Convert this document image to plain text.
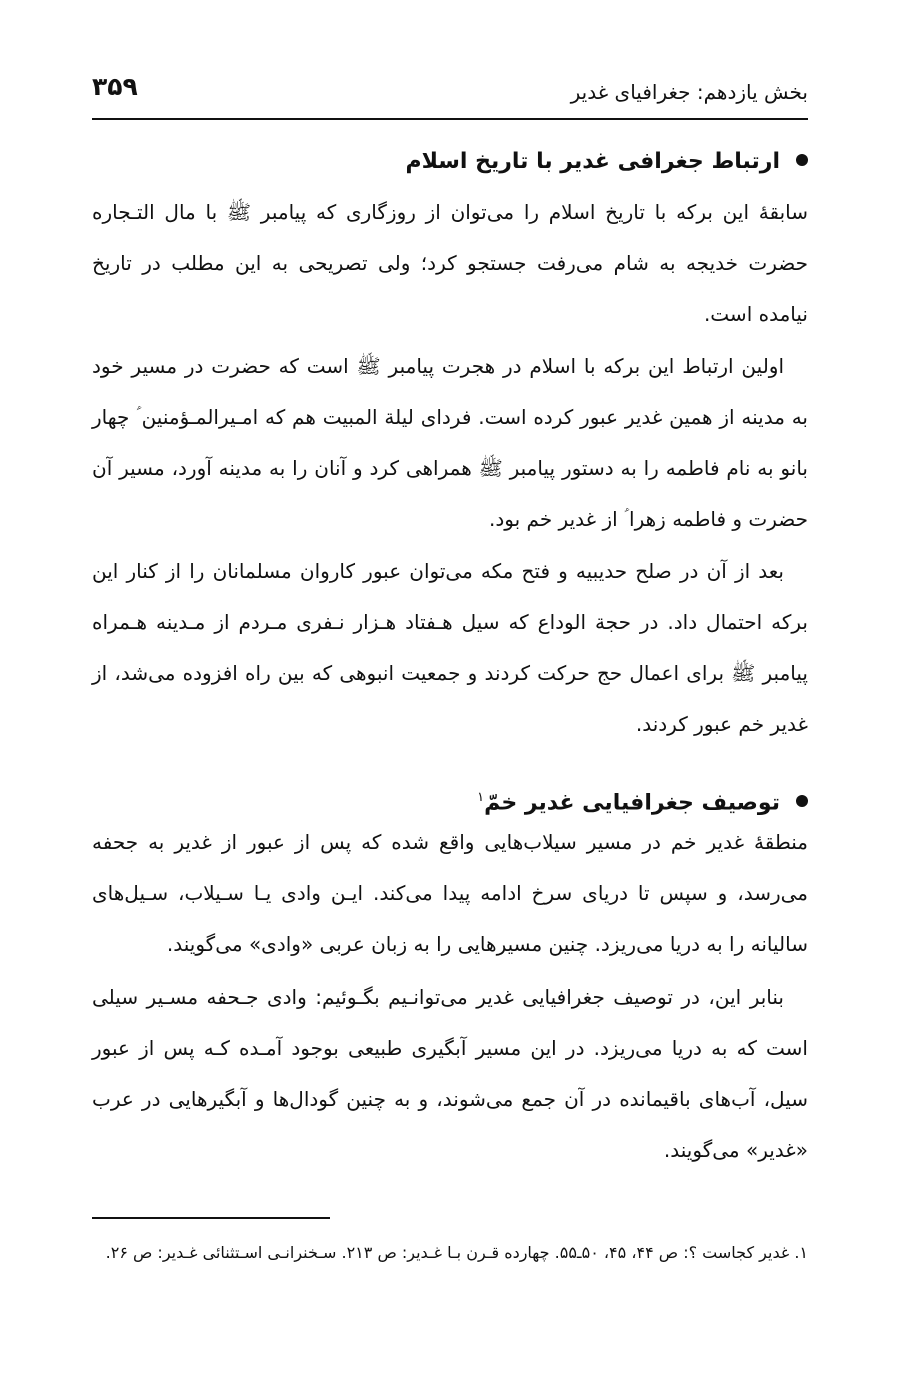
بخش یازدهم: جغرافیای غدیر
۳۵۹
ارتباط جغرافی غدیر با تاریخ اسلام

سابقهٔ این برکه با تاریخ اسلام را می‌توان از روزگاری که پیامبر ﷺ با مال التـجاره حضرت خدیجه به شام می‌رفت جستجو کرد؛ ولی تصریحی به این مطلب در تاریخ نیامده است.

اولین ارتباط این برکه با اسلام در هجرت پیامبر ﷺ است که حضرت در مسیر خود به مدینه از همین غدیر عبور کرده است. فردای لیلة المبیت هم که امـیرالمـؤمنین ؑ چهار بانو به نام فاطمه را به دستور پیامبر ﷺ همراهی کرد و آنان را به مدینه آورد، مسیر آن حضرت و فاطمه زهرا ؑ از غدیر خم بود.

بعد از آن در صلح حدیبیه و فتح مکه می‌توان عبور کاروان مسلمانان را از کنار این برکه احتمال داد. در حجة الوداع که سیل هـفتاد هـزار نـفری مـردم از مـدینه هـمراه پیامبر ﷺ برای اعمال حج حرکت کردند و جمعیت انبوهی که بین راه افزوده می‌شد، از غدیر خم عبور کردند.

توصیف جغرافیایی غدیر خمّ$^۱$

منطقهٔ غدیر خم در مسیر سیلاب‌هایی واقع شده که پس از عبور از غدیر به جحفه می‌رسد، و سپس تا دریای سرخ ادامه پیدا می‌کند. ایـن وادی یـا سـیلاب، سـیل‌های سالیانه را به دریا می‌ریزد. چنین مسیرهایی را به زبان عربی «وادی» می‌گویند.

بنابر این، در توصیف جغرافیایی غدیر می‌توانـیم بگـوئیم: وادی جـحفه مسـیر سیلی است که به دریا می‌ریزد. در این مسیر آبگیری طبیعی بوجود آمـده کـه پس از عبور سیل، آب‌های باقیمانده در آن جمع می‌شوند، و به چنین گودال‌ها و آبگیرهایی در عرب «غدیر» می‌گویند.

۱. غدیر کجاست ؟: ص ۴۴، ۴۵، ۵۰ـ۵۵. چهارده قـرن بـا غـدیر: ص ۲۱۳. سـخنرانـی اسـتثنائی غـدیر: ص ۲۶.
